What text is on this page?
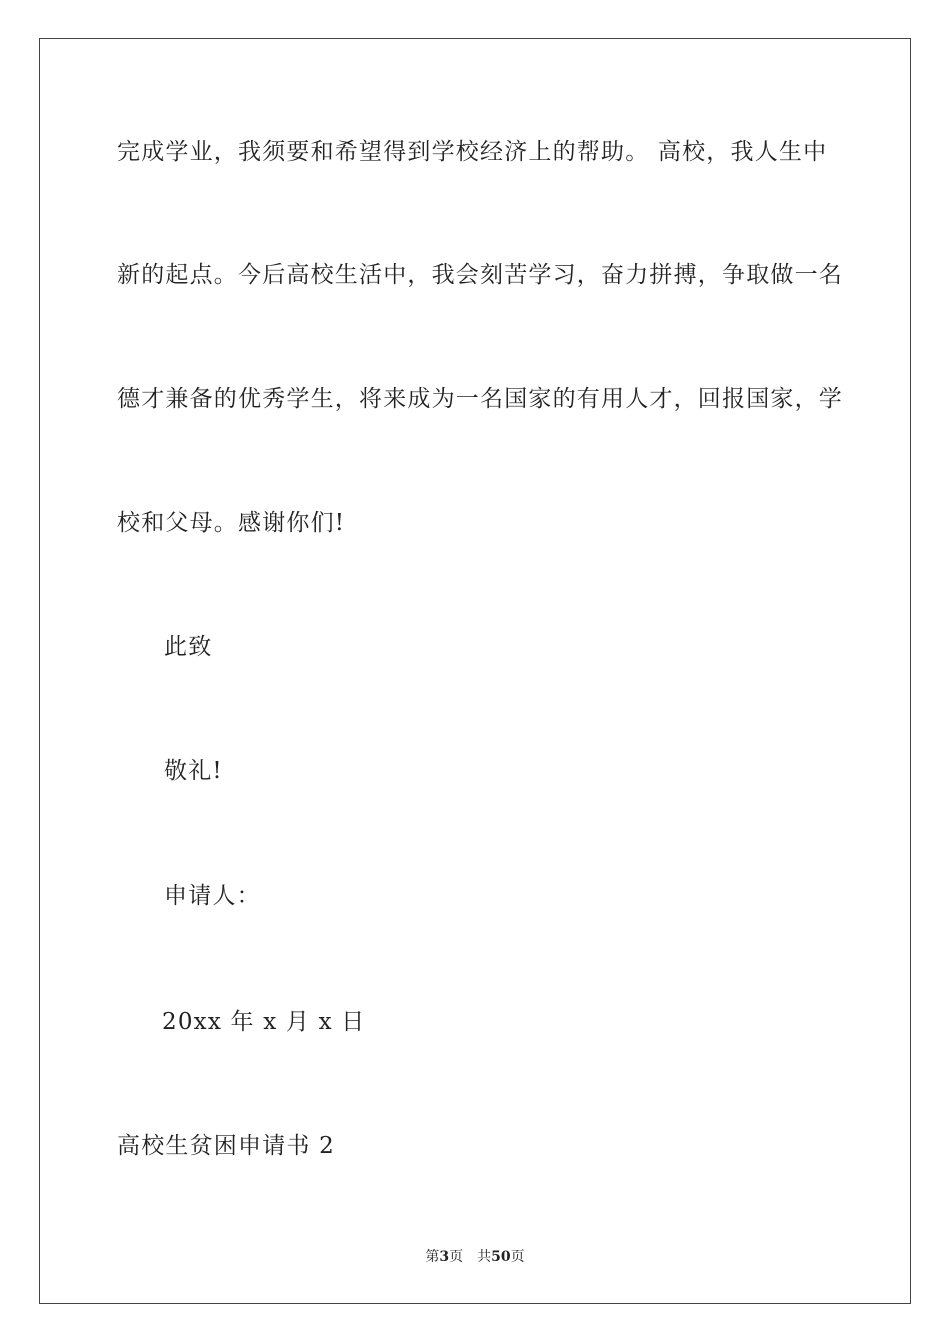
完成学业，我须要和希望得到学校经济上的帮助。 高校，我人生中
新的起点。今后高校生活中，我会刻苦学习，奋力拼搏，争取做一名
德才兼备的优秀学生，将来成为一名国家的有用人才，回报国家，学
校和父母。感谢你们!
此致
敬礼!
申请人：
20xx 年 x 月 x 日
高校生贫困申请书 2
第3页 共50页
